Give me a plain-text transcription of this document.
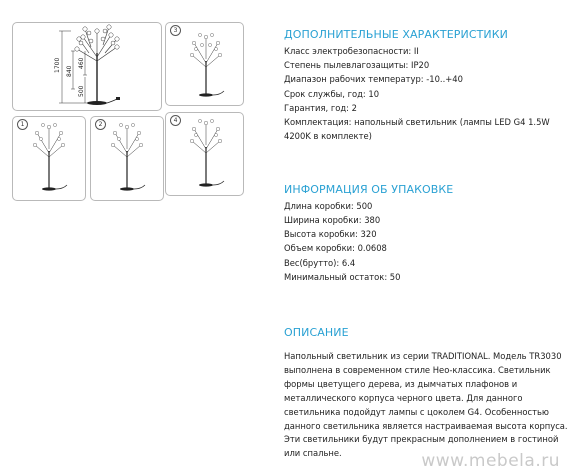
1700 840
460
500
3
1	2
4
ДОПОЛНИТЕЛЬНЫЕ ХАРАКТЕРИСТИКИ
Класс электробезопасности: II
Степень пылевлагозащиты: IP20
Диапазон рабочих температур: -10..+40
Срок службы, год: 10
Гарантия, год: 2
Комплектация: напольный светильник (лампы LED G4 1.5W
4200K в комплекте)
ИНФОРМАЦИЯ ОБ УПАКОВКЕ
Длина коробки: 500
Ширина коробки: 380
Высота коробки: 320
Объем коробки: 0.0608
Вес(брутто): 6.4
Минимальный остаток: 50
ОПИСАНИЕ
Напольный светильник из серии TRADITIONAL. Модель TR3030
выполнена в современном стиле Нео-классика. Светильник
формы цветущего дерева, из дымчатых плафонов и
металлического корпуса черного цвета. Для данного
светильника подойдут лампы с цоколем G4. Особенностью
данного светильника является настраиваемая высота корпуса.
Эти светильники будут прекрасным дополнением в гостиной
или спальне.	www.mebela.ru
